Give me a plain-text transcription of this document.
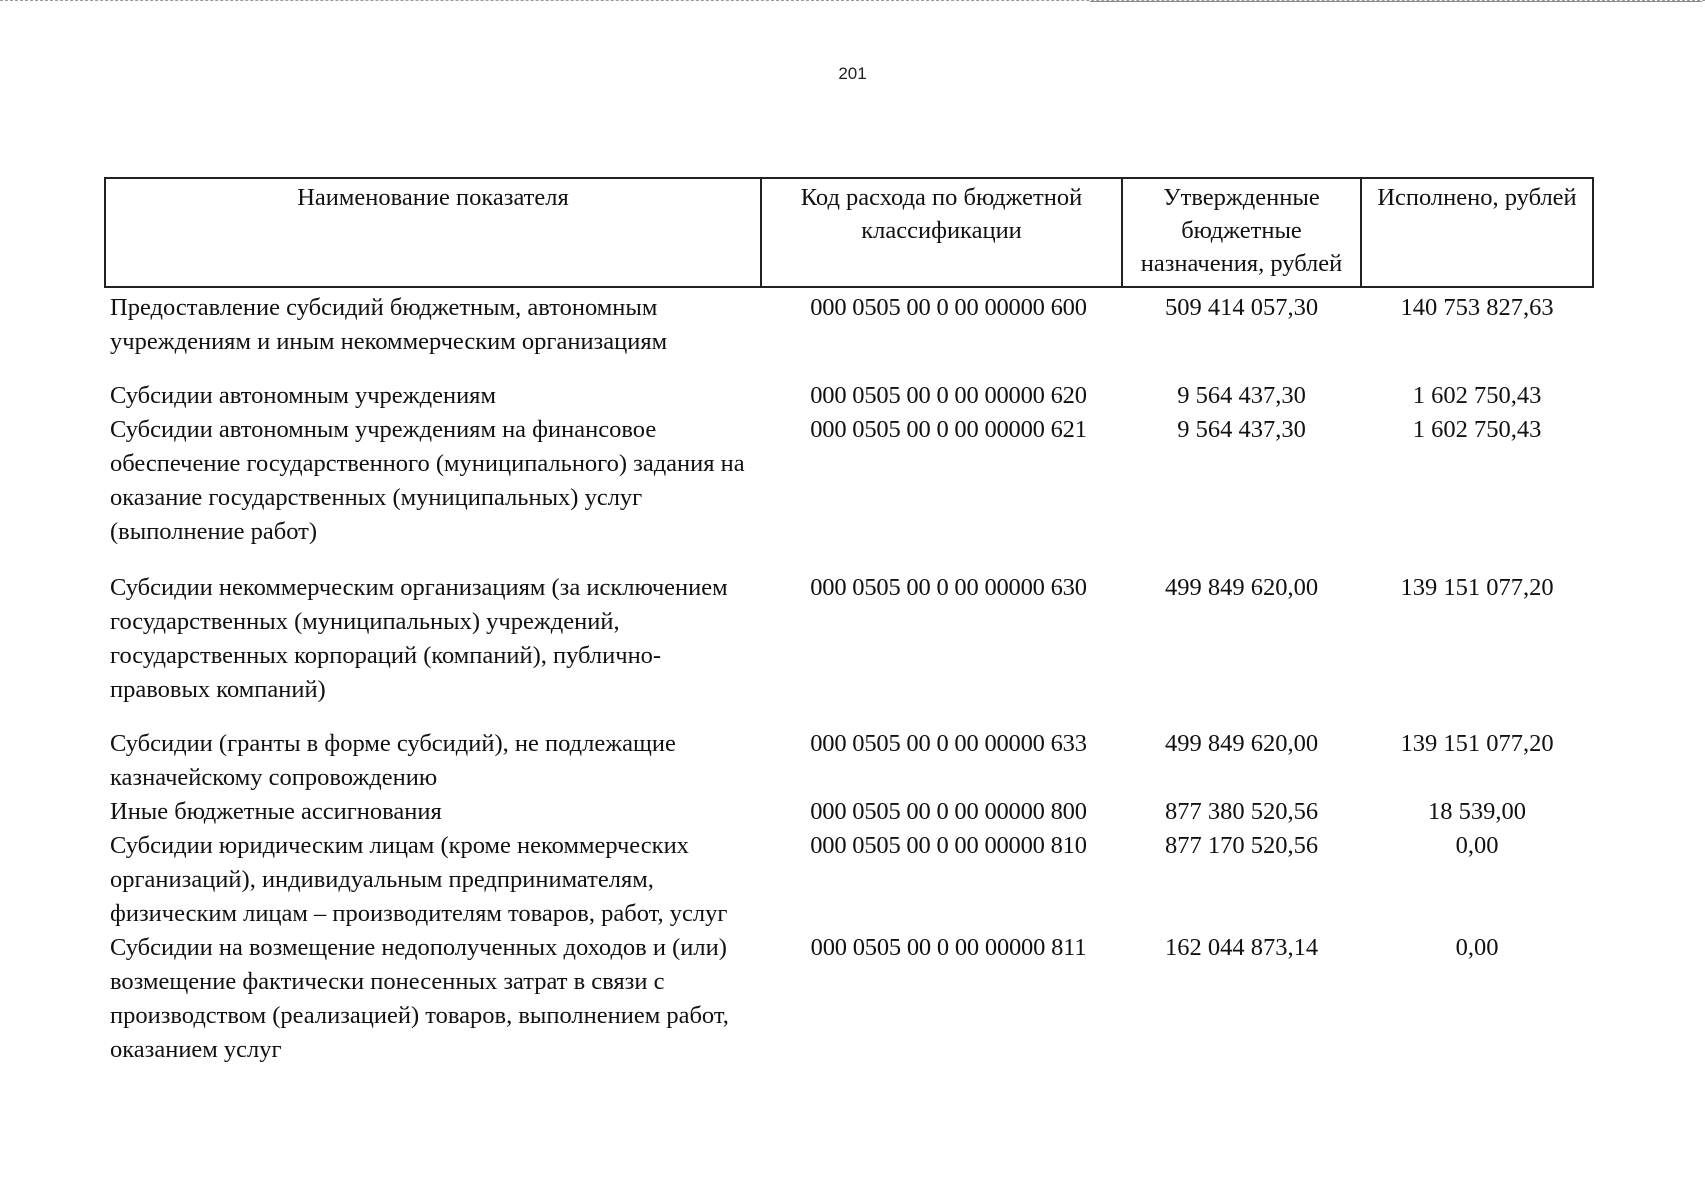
201
Наименование показателя	Код расхода по бюджетной классификации	Утвержденные бюджетные назначения, рублей	Исполнено, рублей
Предоставление субсидий бюджетным, автономным учреждениям и иным некоммерческим организациям	000 0505 00 0 00 00000 600	509 414 057,30	140 753 827,63
Субсидии автономным учреждениям	000 0505 00 0 00 00000 620	9 564 437,30	1 602 750,43
Субсидии автономным учреждениям на финансовое обеспечение государственного (муниципального) задания на оказание государственных (муниципальных) услуг (выполнение работ)	000 0505 00 0 00 00000 621	9 564 437,30	1 602 750,43
Субсидии некоммерческим организациям (за исключением государственных (муниципальных) учреждений, государственных корпораций (компаний), публично-правовых компаний)	000 0505 00 0 00 00000 630	499 849 620,00	139 151 077,20
Субсидии (гранты в форме субсидий), не подлежащие казначейскому сопровождению	000 0505 00 0 00 00000 633	499 849 620,00	139 151 077,20
Иные бюджетные ассигнования	000 0505 00 0 00 00000 800	877 380 520,56	18 539,00
Субсидии юридическим лицам (кроме некоммерческих организаций), индивидуальным предпринимателям, физическим лицам – производителям товаров, работ, услуг	000 0505 00 0 00 00000 810	877 170 520,56	0,00
Субсидии на возмещение недополученных доходов и (или) возмещение фактически понесенных затрат в связи с производством (реализацией) товаров, выполнением работ, оказанием услуг	000 0505 00 0 00 00000 811	162 044 873,14	0,00
